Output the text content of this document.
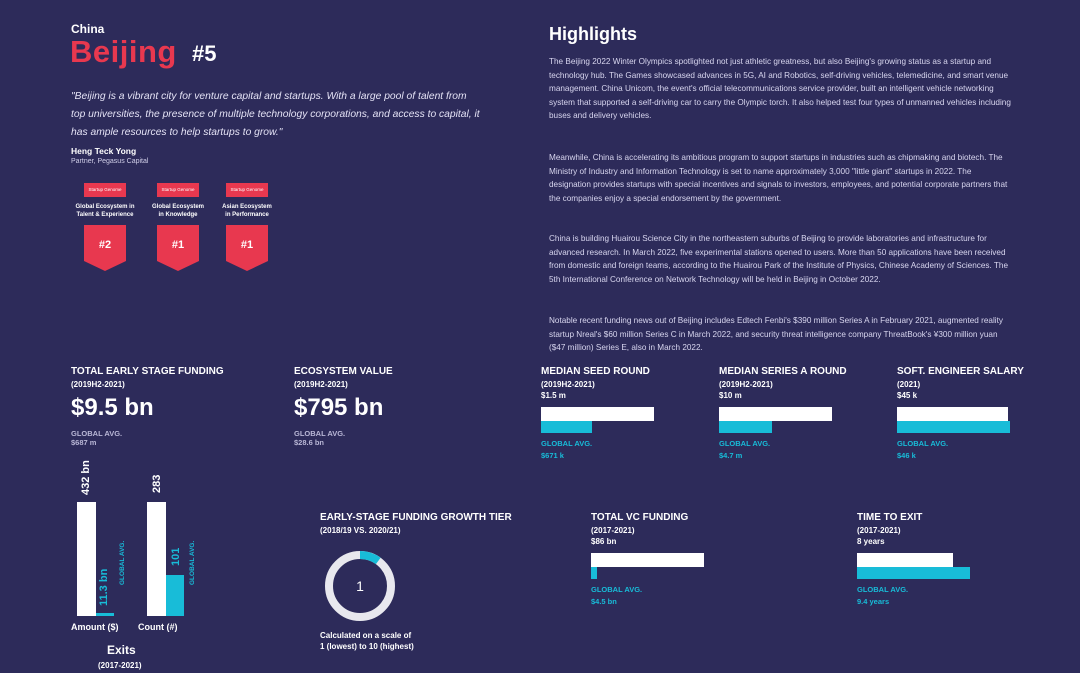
China
Beijing #5
"Beijing is a vibrant city for venture capital and startups. With a large pool of talent from top universities, the presence of multiple technology corporations, and access to capital, it has ample resources to help startups to grow."
Heng Teck Yong
Partner, Pegasus Capital
Startup Genome
Global Ecosystem in
Talent & Experience
#2
Startup Genome
Global Ecosystem
in Knowledge
#1
Startup Genome
Asian Ecosystem
in Performance
#1
Highlights
The Beijing 2022 Winter Olympics spotlighted not just athletic greatness, but also Beijing's growing status as a startup and technology hub. The Games showcased advances in 5G, AI and Robotics, self-driving vehicles, telemedicine, and smart venue management. China Unicom, the event's official telecommunications service provider, built an intelligent vehicle networking system that supported a self-driving car to carry the Olympic torch. It also helped test four types of unmanned vehicles including buses and delivery vehicles.
Meanwhile, China is accelerating its ambitious program to support startups in industries such as chipmaking and biotech. The Ministry of Industry and Information Technology is set to name approximately 3,000 "little giant" startups in 2022. The designation provides startups with special incentives and signals to investors, employees, and potential corporate partners that the companies enjoy a special endorsement by the government.
China is building Huairou Science City in the northeastern suburbs of Beijing to provide laboratories and infrastructure for advanced research. In March 2022, five experimental stations opened to users. More than 50 applications have been received from domestic and foreign teams, according to the Huairou Park of the Institute of Physics, Chinese Academy of Sciences. The 5th International Conference on Network Technology will be held in Beijing in October 2022.
Notable recent funding news out of Beijing includes Edtech Fenbi's $390 million Series A in February 2021, augmented reality startup Nreal's $60 million Series C in March 2022, and security threat intelligence company ThreatBook's ¥300 million yuan ($47 million) Series E, also in March 2022.
TOTAL EARLY STAGE FUNDING
(2019H2-2021)
$9.5 bn
GLOBAL AVG.
$687 m
ECOSYSTEM VALUE
(2019H2-2021)
$795 bn
GLOBAL AVG.
$28.6 bn
MEDIAN SEED ROUND
(2019H2-2021)
$1.5 m
GLOBAL AVG.
$671 k
MEDIAN SERIES A ROUND
(2019H2-2021)
$10 m
GLOBAL AVG.
$4.7 m
SOFT. ENGINEER SALARY
(2021)
$45 k
GLOBAL AVG.
$46 k
TOTAL VC FUNDING
(2017-2021)
$86 bn
GLOBAL AVG.
$4.5 bn
TIME TO EXIT
(2017-2021)
8 years
GLOBAL AVG.
9.4 years
EARLY-STAGE FUNDING GROWTH TIER
(2018/19 VS. 2020/21)
1
Calculated on a scale of
1 (lowest) to 10 (highest)
432 bn
11.3 bn
GLOBAL AVG.
283
101 GLOBAL AVG.
Amount ($) Count (#)
Exits
(2017-2021)
